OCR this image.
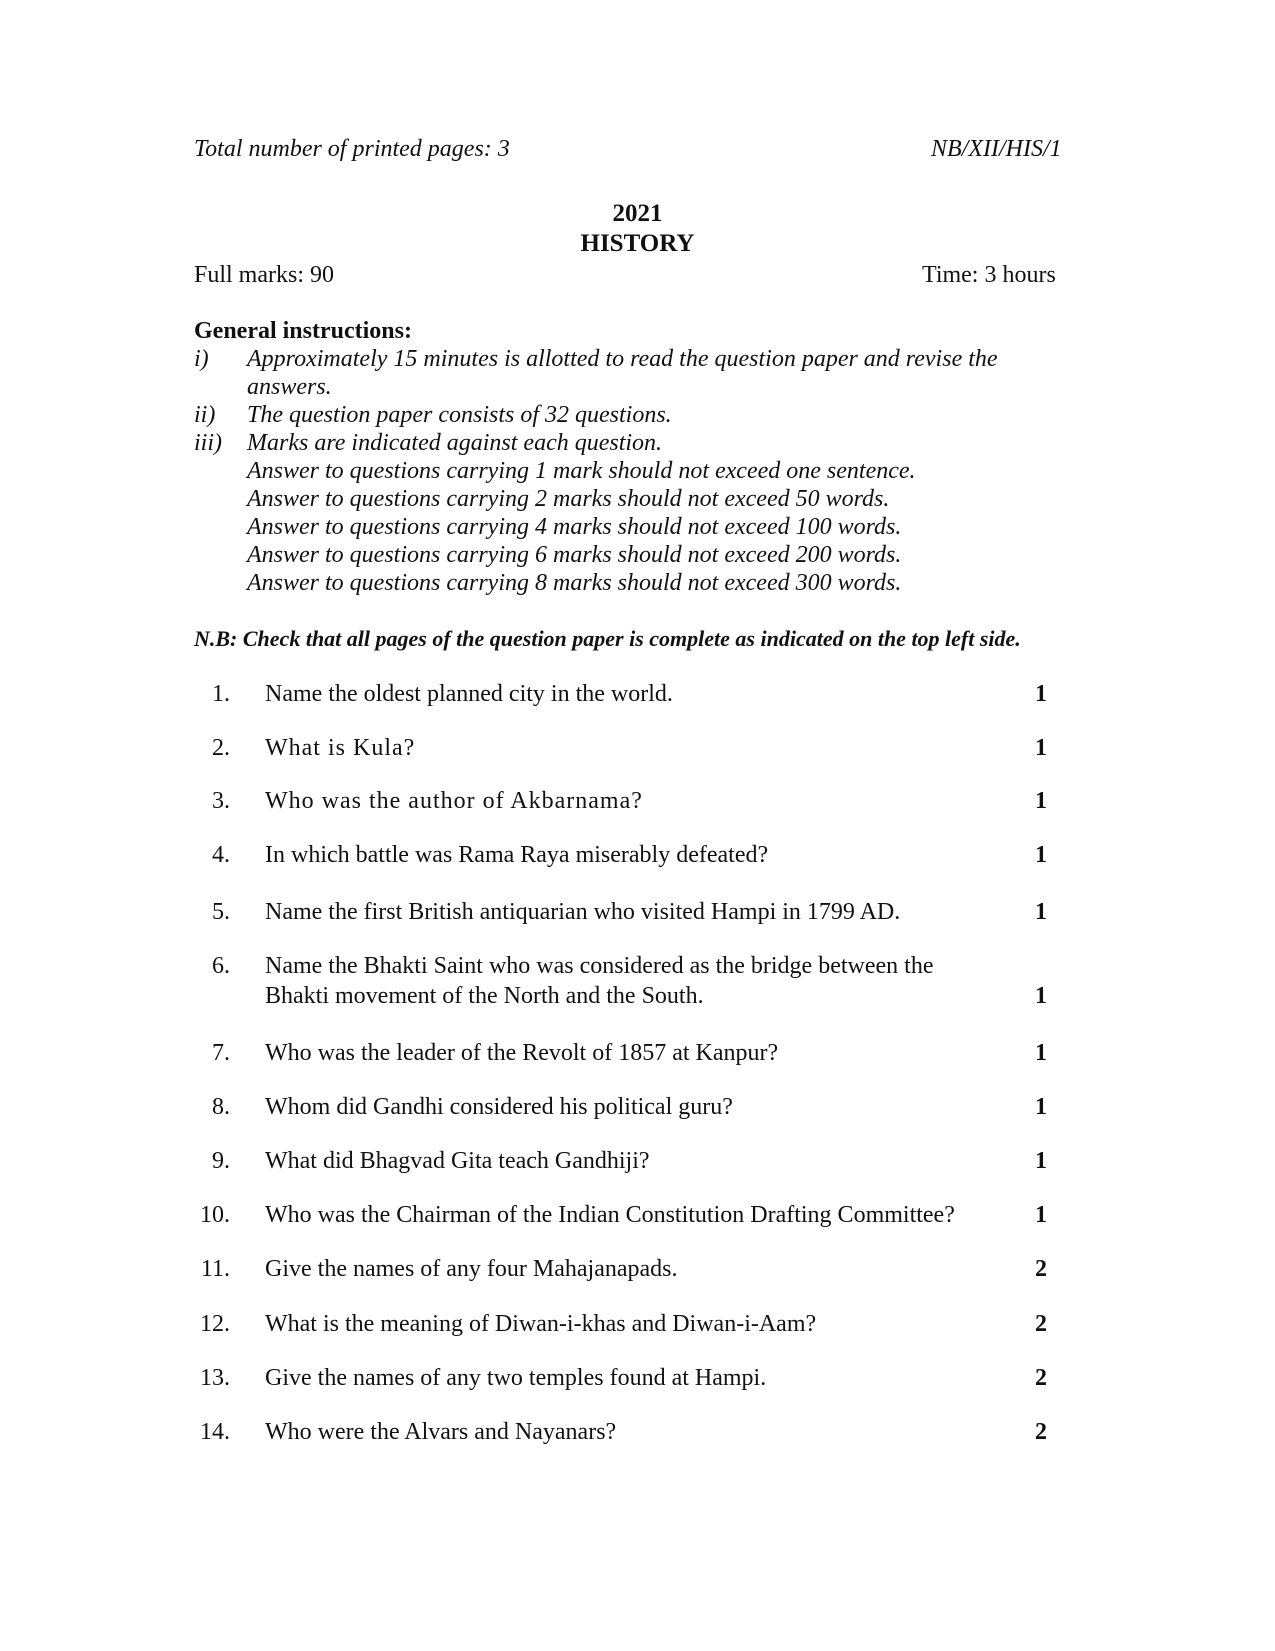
Total number of printed pages: 3	NB/XII/HIS/1
2021
HISTORY
Full marks: 90	Time: 3 hours
General instructions:
i) Approximately 15 minutes is allotted to read the question paper and revise the
answers.
ii) The question paper consists of 32 questions.
iii) Marks are indicated against each question.
Answer to questions carrying 1 mark should not exceed one sentence.
Answer to questions carrying 2 marks should not exceed 50 words.
Answer to questions carrying 4 marks should not exceed 100 words.
Answer to questions carrying 6 marks should not exceed 200 words.
Answer to questions carrying 8 marks should not exceed 300 words.
N.B: Check that all pages of the question paper is complete as indicated on the top left side.
1. Name the oldest planned city in the world.	1
2. What is Kula?	1
3. Who was the author of Akbarnama?	1
4. In which battle was Rama Raya miserably defeated?	1
5. Name the first British antiquarian who visited Hampi in 1799 AD.	1
6. Name the Bhakti Saint who was considered as the bridge between the
Bhakti movement of the North and the South.	1
7. Who was the leader of the Revolt of 1857 at Kanpur?	1
8. Whom did Gandhi considered his political guru?	1
9. What did Bhagvad Gita teach Gandhiji?	1
10. Who was the Chairman of the Indian Constitution Drafting Committee?	1
11. Give the names of any four Mahajanapads.	2
12. What is the meaning of Diwan-i-khas and Diwan-i-Aam?	2
13. Give the names of any two temples found at Hampi.	2
14. Who were the Alvars and Nayanars?	2
